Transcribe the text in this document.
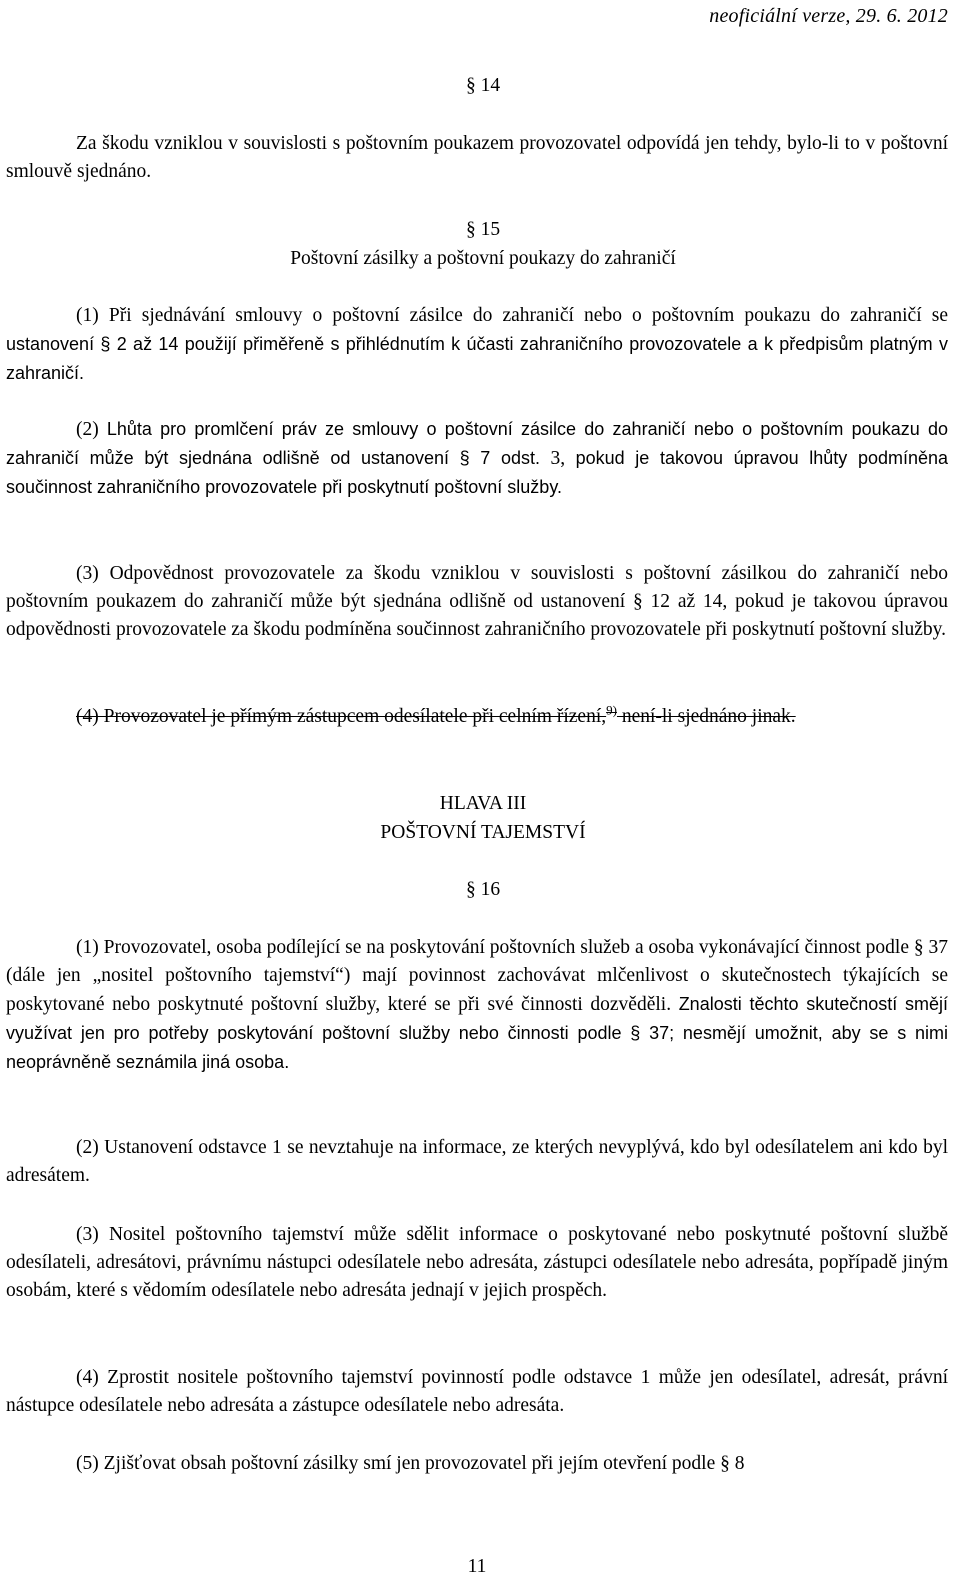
neoficiální verze, 29. 6. 2012
§ 14

Za škodu vzniklou v souvislosti s poštovním poukazem provozovatel odpovídá jen tehdy, bylo-li to v poštovní smlouvě sjednáno.

§ 15
Poštovní zásilky a poštovní poukazy do zahraničí

(1) Při sjednávání smlouvy o poštovní zásilce do zahraničí nebo o poštovním poukazu do zahraničí se ustanovení § 2 až 14 použijí přiměřeně s přihlédnutím k účasti zahraničního provozovatele a k předpisům platným v zahraničí.

(2) Lhůta pro promlčení práv ze smlouvy o poštovní zásilce do zahraničí nebo o poštovním poukazu do zahraničí může být sjednána odlišně od ustanovení § 7 odst. 3, pokud je takovou úpravou lhůty podmíněna součinnost zahraničního provozovatele při poskytnutí poštovní služby.

(3) Odpovědnost provozovatele za škodu vzniklou v souvislosti s poštovní zásilkou do zahraničí nebo poštovním poukazem do zahraničí může být sjednána odlišně od ustanovení § 12 až 14, pokud je takovou úpravou odpovědnosti provozovatele za škodu podmíněna součinnost zahraničního provozovatele při poskytnutí poštovní služby.

(4) Provozovatel je přímým zástupcem odesílatele při celním řízení,$^{9)}$ není-li sjednáno jinak.

HLAVA III
POŠTOVNÍ TAJEMSTVÍ
§ 16

(1) Provozovatel, osoba podílející se na poskytování poštovních služeb a osoba vykonávající činnost podle § 37 (dále jen „nositel poštovního tajemství“) mají povinnost zachovávat mlčenlivost o skutečnostech týkajících se poskytované nebo poskytnuté poštovní služby, které se při své činnosti dozvěděli. Znalosti těchto skutečností smějí využívat jen pro potřeby poskytování poštovní služby nebo činnosti podle § 37; nesmějí umožnit, aby se s nimi neoprávněně seznámila jiná osoba.

(2) Ustanovení odstavce 1 se nevztahuje na informace, ze kterých nevyplývá, kdo byl odesílatelem ani kdo byl adresátem.

(3) Nositel poštovního tajemství může sdělit informace o poskytované nebo poskytnuté poštovní službě odesílateli, adresátovi, právnímu nástupci odesílatele nebo adresáta, zástupci odesílatele nebo adresáta, popřípadě jiným osobám, které s vědomím odesílatele nebo adresáta jednají v jejich prospěch.

(4) Zprostit nositele poštovního tajemství povinností podle odstavce 1 může jen odesílatel, adresát, právní nástupce odesílatele nebo adresáta a zástupce odesílatele nebo adresáta.

(5) Zjišťovat obsah poštovní zásilky smí jen provozovatel při jejím otevření podle § 8

11
